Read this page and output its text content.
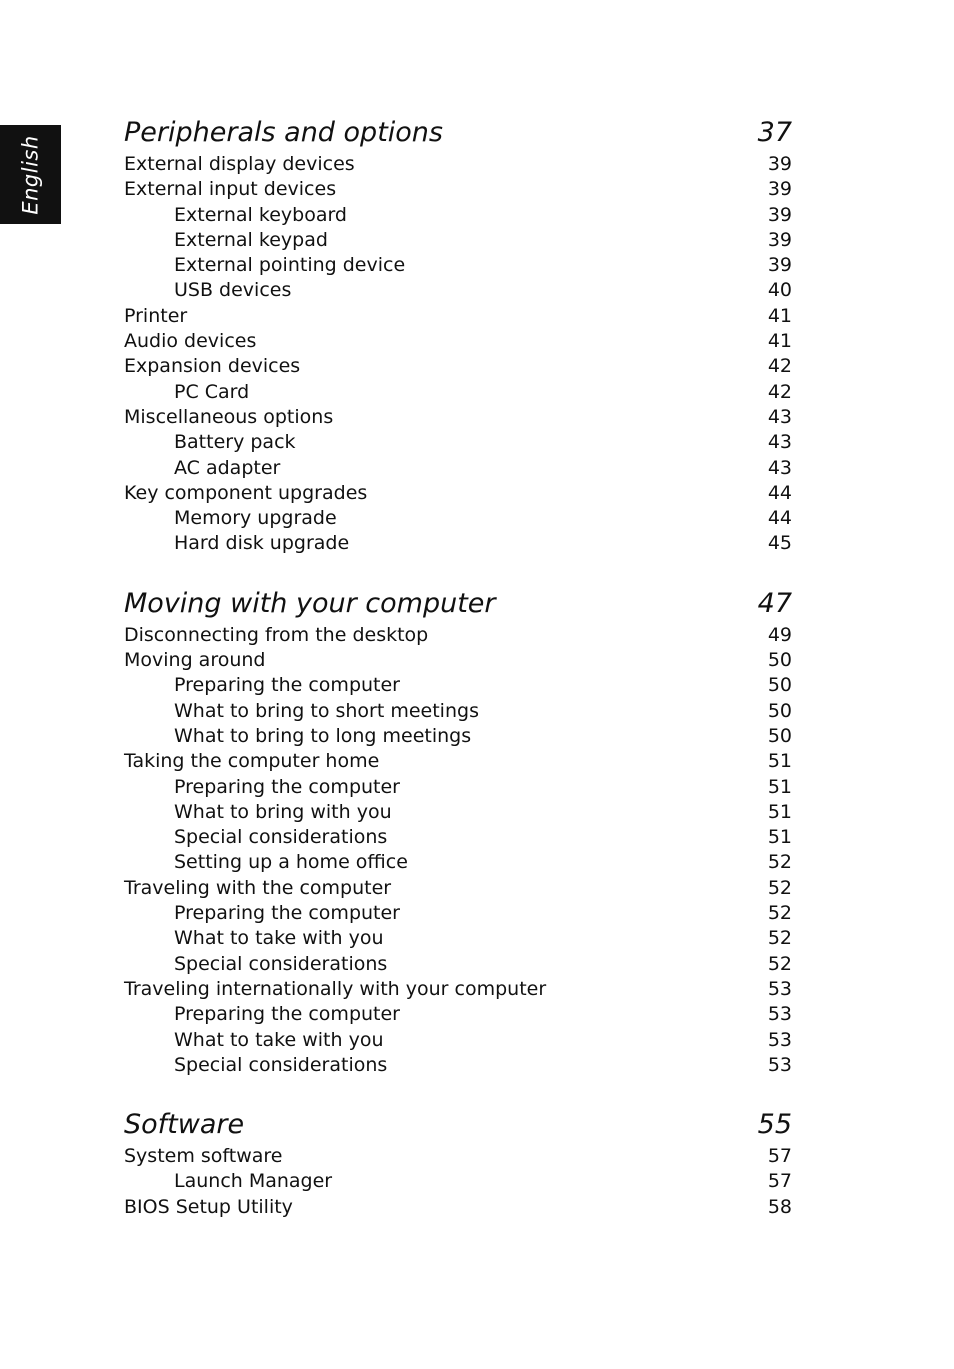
English
Peripherals and options	37
External display devices	39
External input devices	39
External keyboard	39
External keypad	39
External pointing device	39
USB devices	40
Printer	41
Audio devices	41
Expansion devices	42
PC Card	42
Miscellaneous options	43
Battery pack	43
AC adapter	43
Key component upgrades	44
Memory upgrade	44
Hard disk upgrade	45
Moving with your computer	47
Disconnecting from the desktop	49
Moving around	50
Preparing the computer	50
What to bring to short meetings	50
What to bring to long meetings	50
Taking the computer home	51
Preparing the computer	51
What to bring with you	51
Special considerations	51
Setting up a home office	52
Traveling with the computer	52
Preparing the computer	52
What to take with you	52
Special considerations	52
Traveling internationally with your computer	53
Preparing the computer	53
What to take with you	53
Special considerations	53
Software	55
System software	57
Launch Manager	57
BIOS Setup Utility	58
